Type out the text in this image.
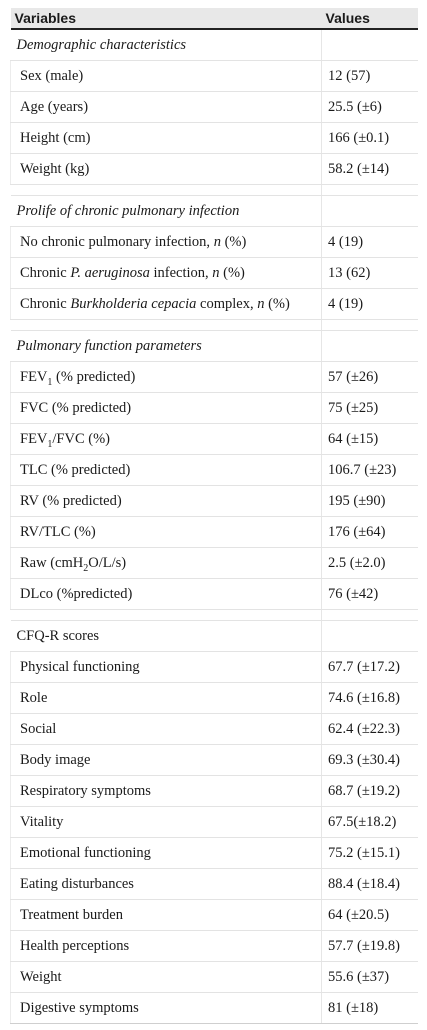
Variables	Values
Demographic characteristics	
Sex (male)	12 (57)
Age (years)	25.5 (±6)
Height (cm)	166 (±0.1)
Weight (kg)	58.2 (±14)

Prolife of chronic pulmonary infection	
No chronic pulmonary infection, n (%)	4 (19)
Chronic P. aeruginosa infection, n (%)	13 (62)
Chronic Burkholderia cepacia complex, n (%)	4 (19)

Pulmonary function parameters	
$FEV_1$ (% predicted)	57 (±26)
FVC (% predicted)	75 (±25)
$FEV_1$/FVC (%)	64 (±15)
TLC (% predicted)	106.7 (±23)
RV (% predicted)	195 (±90)
RV/TLC (%)	176 (±64)
Raw (cmH$_2$O/L/s)	2.5 (±2.0)
DLco (%predicted)	76 (±42)

CFQ-R scores	
Physical functioning	67.7 (±17.2)
Role	74.6 (±16.8)
Social	62.4 (±22.3)
Body image	69.3 (±30.4)
Respiratory symptoms	68.7 (±19.2)
Vitality	67.5(±18.2)
Emotional functioning	75.2 (±15.1)
Eating disturbances	88.4 (±18.4)
Treatment burden	64 (±20.5)
Health perceptions	57.7 (±19.8)
Weight	55.6 (±37)
Digestive symptoms	81 (±18)
